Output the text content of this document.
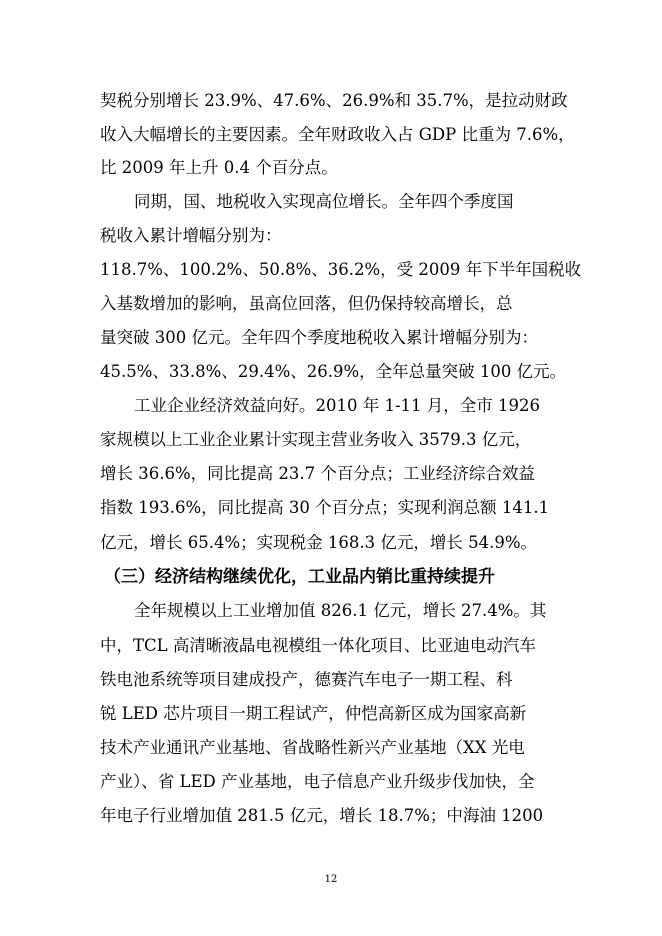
契税分别增长 23.9%、47.6%、26.9%和 35.7%，是拉动财政
收入大幅增长的主要因素。全年财政收入占 GDP 比重为 7.6%，
比 2009 年上升 0.4 个百分点。
同期，国、地税收入实现高位增长。全年四个季度国
税收入累计增幅分别为：
118.7%、100.2%、50.8%、36.2%，受 2009 年下半年国税收
入基数增加的影响，虽高位回落，但仍保持较高增长，总
量突破 300 亿元。全年四个季度地税收入累计增幅分别为：
45.5%、33.8%、29.4%、26.9%，全年总量突破 100 亿元。
工业企业经济效益向好。2010 年 1-11 月，全市 1926
家规模以上工业企业累计实现主营业务收入 3579.3 亿元，
增长 36.6%，同比提高 23.7 个百分点；工业经济综合效益
指数 193.6%，同比提高 30 个百分点；实现利润总额 141.1
亿元，增长 65.4%；实现税金 168.3 亿元，增长 54.9%。
（三）经济结构继续优化，工业品内销比重持续提升
全年规模以上工业增加值 826.1 亿元，增长 27.4%。其
中，TCL 高清晰液晶电视模组一体化项目、比亚迪电动汽车
铁电池系统等项目建成投产，德赛汽车电子一期工程、科
锐 LED 芯片项目一期工程试产，仲恺高新区成为国家高新
技术产业通讯产业基地、省战略性新兴产业基地（XX 光电
产业）、省 LED 产业基地，电子信息产业升级步伐加快，全
年电子行业增加值 281.5 亿元，增长 18.7%；中海油 1200
12
